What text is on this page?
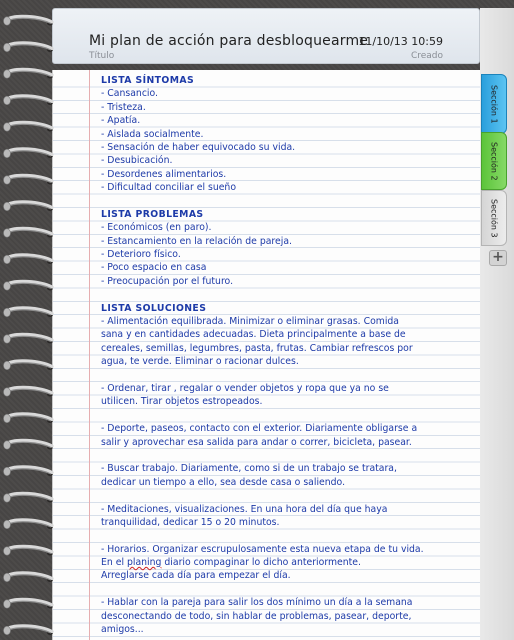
Mi plan de acción para desbloquearme
11/10/13 10:59
Título	Creado
Sección 1
Sección 2
Sección 3
+
LISTA SÍNTOMAS
- Cansancio.
- Tristeza.
- Apatía.
- Aislada socialmente.
- Sensación de haber equivocado su vida.
- Desubicación.
- Desordenes alimentarios.
- Dificultad conciliar el sueño
LISTA PROBLEMAS
- Económicos (en paro).
- Estancamiento en la relación de pareja.
- Deterioro físico.
- Poco espacio en casa
- Preocupación por el futuro.
LISTA SOLUCIONES
- Alimentación equilibrada. Minimizar o eliminar grasas. Comida
sana y en cantidades adecuadas. Dieta principalmente a base de
cereales, semillas, legumbres, pasta, frutas. Cambiar refrescos por
agua, te verde. Eliminar o racionar dulces.
- Ordenar, tirar , regalar o vender objetos y ropa que ya no se
utilicen. Tirar objetos estropeados.
- Deporte, paseos, contacto con el exterior. Diariamente obligarse a
salir y aprovechar esa salida para andar o correr, bicicleta, pasear.
- Buscar trabajo. Diariamente, como si de un trabajo se tratara,
dedicar un tiempo a ello, sea desde casa o saliendo.
- Meditaciones, visualizaciones. En una hora del día que haya
tranquilidad, dedicar 15 o 20 minutos.
- Horarios. Organizar escrupulosamente esta nueva etapa de tu vida.
En el planing diario compaginar lo dicho anteriormente.
Arreglarse cada día para empezar el día.
- Hablar con la pareja para salir los dos mínimo un día a la semana
desconectando de todo, sin hablar de problemas, pasear, deporte,
amigos...
